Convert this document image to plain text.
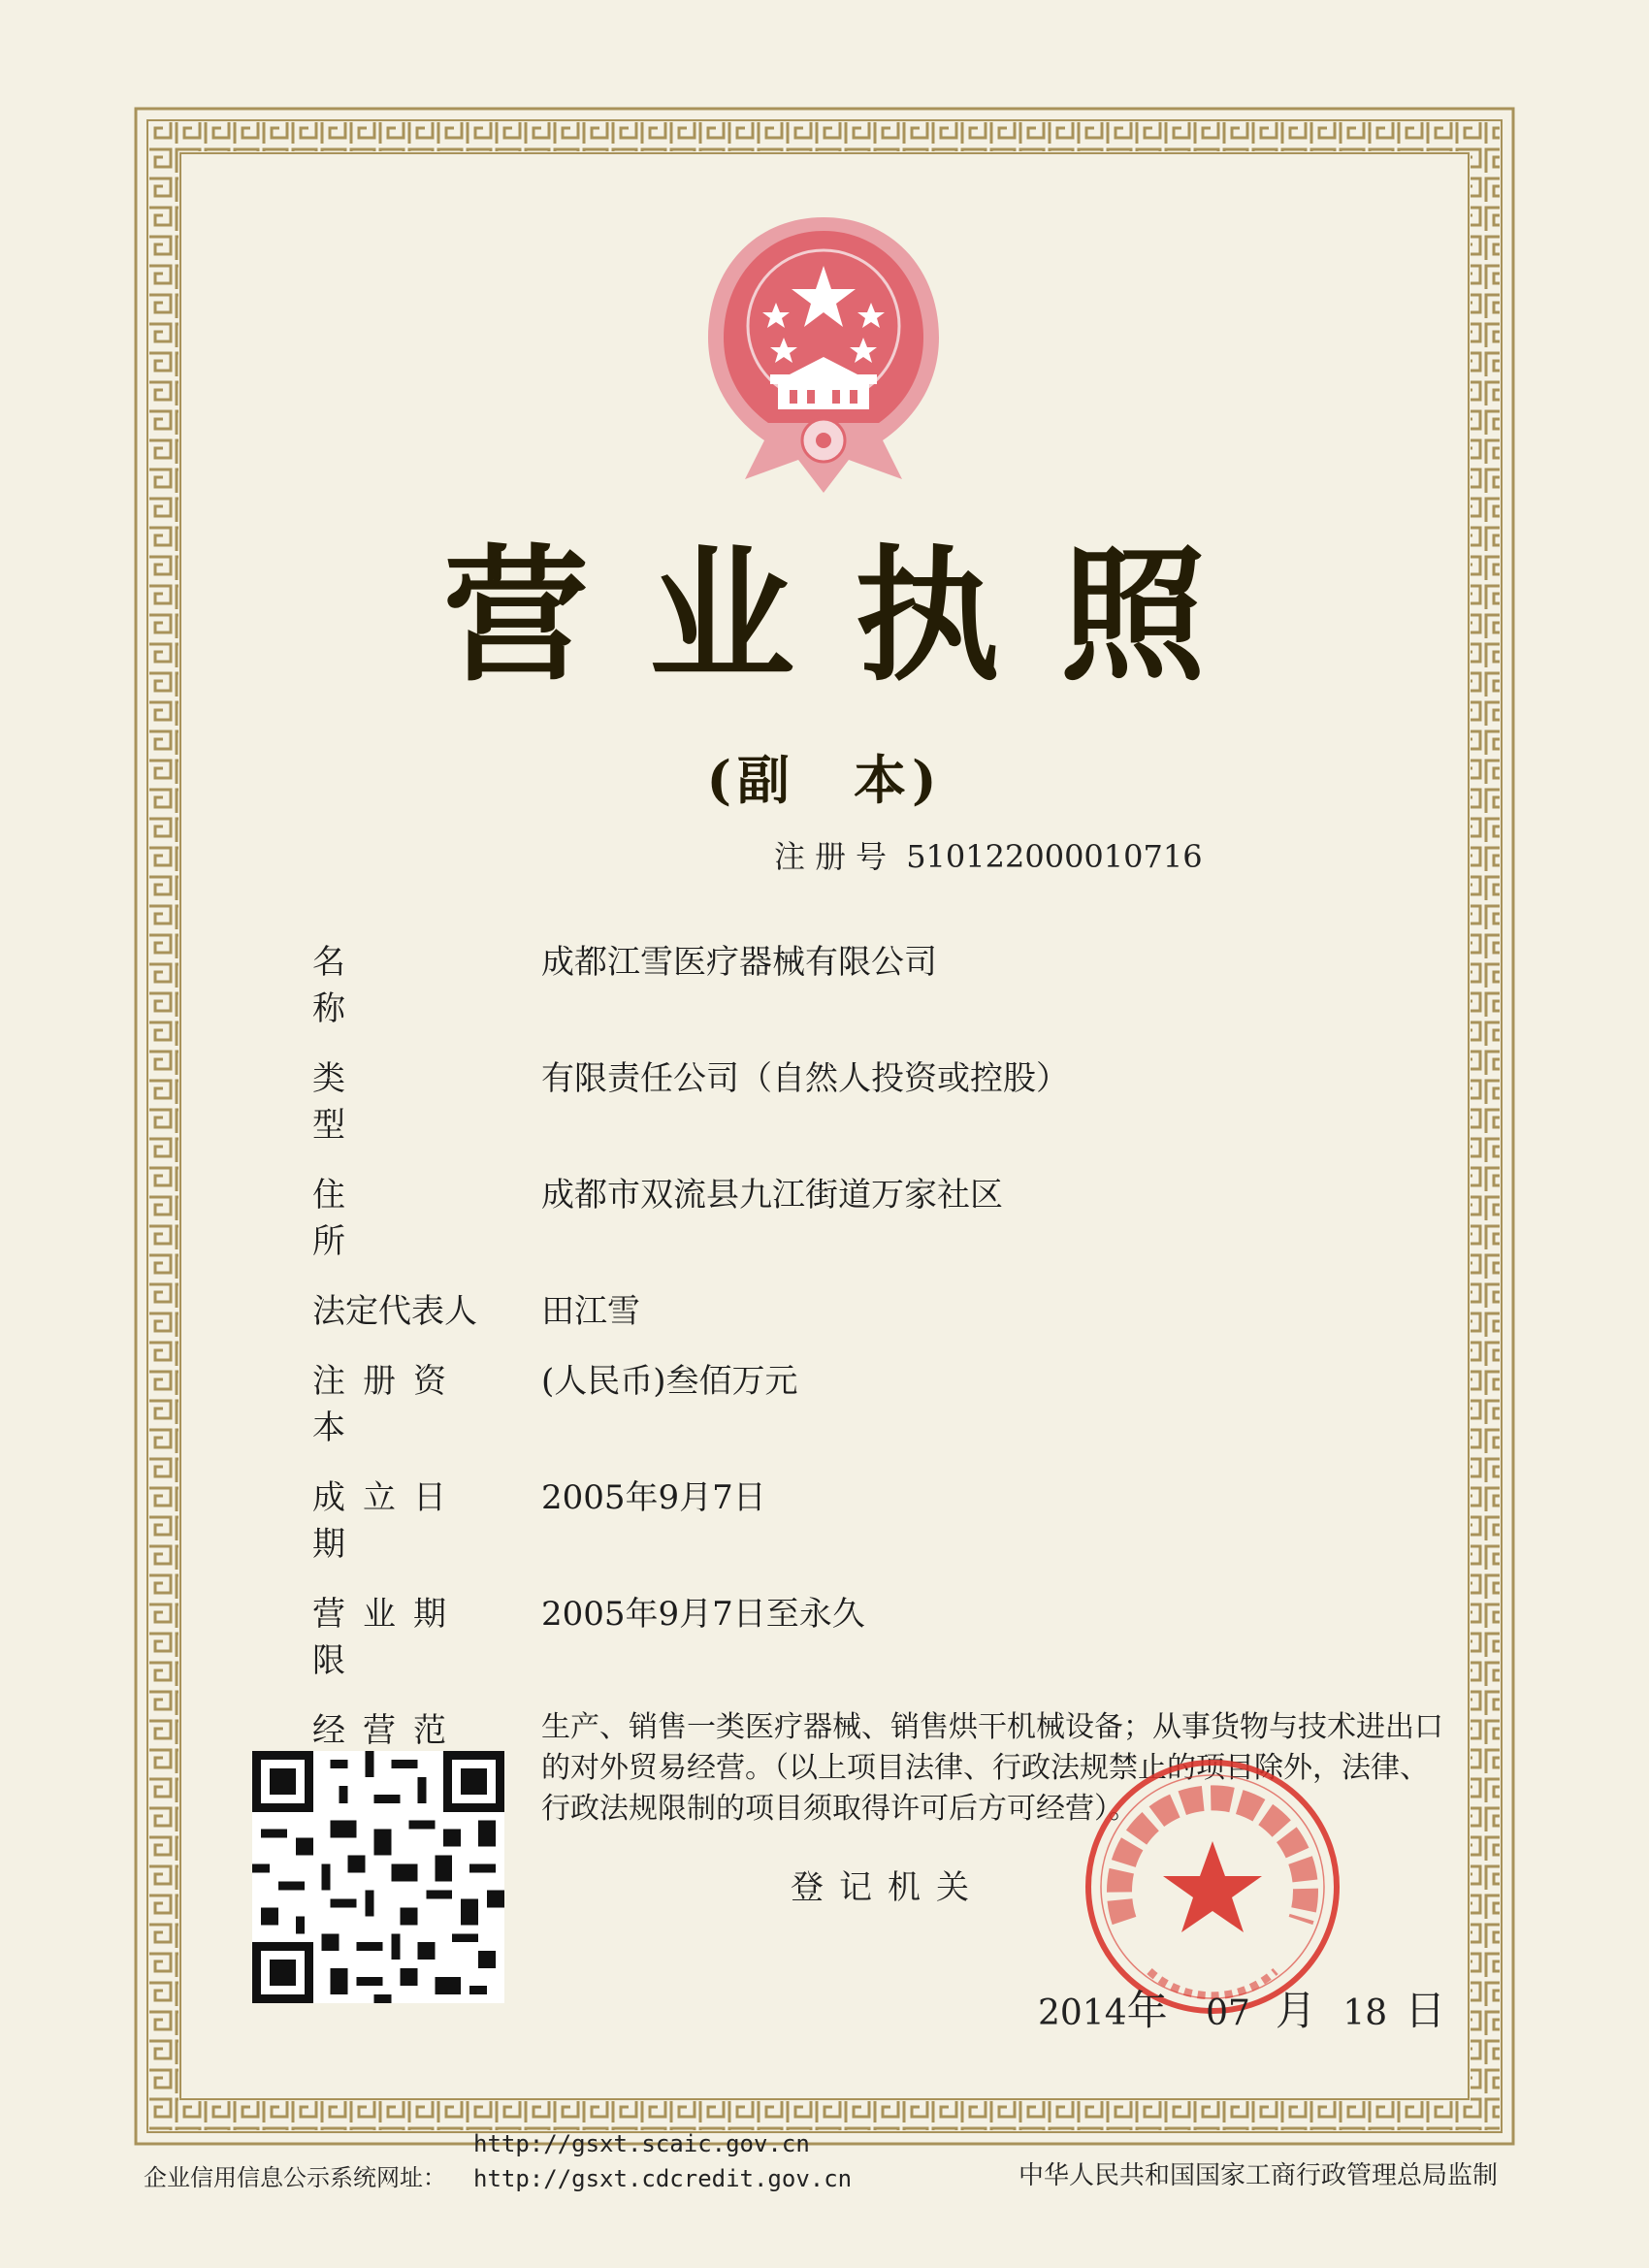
营业执照
(副　本)
注册号 510122000010716
名称
成都江雪医疗器械有限公司
类型
有限责任公司（自然人投资或控股）
住所
成都市双流县九江街道万家社区
法定代表人 田江雪
注册资本
(人民币)叁佰万元
成立日期
2005年9月7日
营业期限
2005年9月7日至永久
经营范	生产、销售一类医疗器械、销售烘干机械设备；从事货物与技术进出口的对外贸易经营。（以上项目法律、行政法规禁止的项目除外，法律、行政法规限制的项目须取得许可后方可经营）。
登记机关
2014年 07 月 18 日
企业信用信息公示系统网址：
http://gsxt.scaic.gov.cn
http://gsxt.cdcredit.gov.cn	中华人民共和国国家工商行政管理总局监制
